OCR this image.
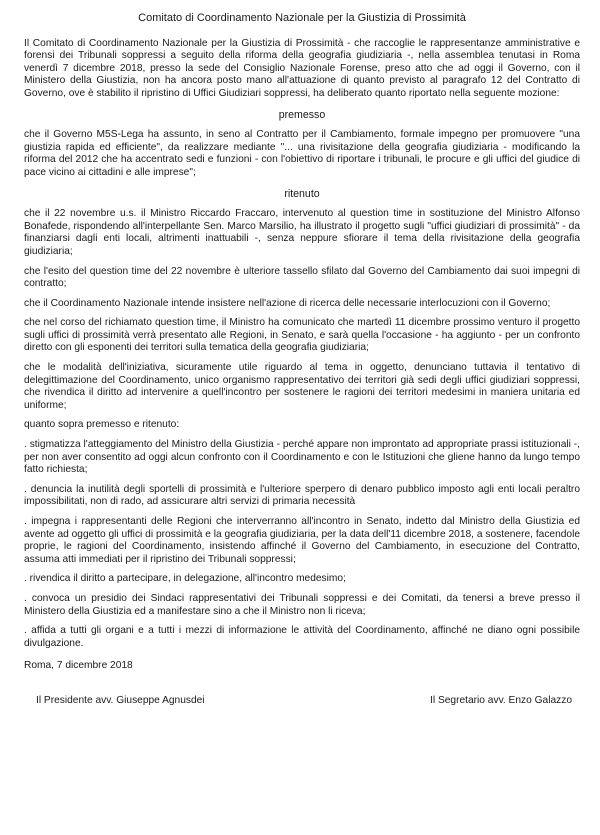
Comitato di Coordinamento Nazionale per la Giustizia di Prossimità

Il Comitato di Coordinamento Nazionale per la Giustizia di Prossimità - che raccoglie le rappresentanze amministrative e forensi dei Tribunali soppressi a seguito della riforma della geografia giudiziaria -, nella assemblea tenutasi in Roma venerdì 7 dicembre 2018, presso la sede del Consiglio Nazionale Forense, preso atto che ad oggi il Governo, con il Ministero della Giustizia, non ha ancora posto mano all'attuazione di quanto previsto al paragrafo 12 del Contratto di Governo, ove è stabilito il ripristino di Uffici Giudiziari soppressi, ha deliberato quanto riportato nella seguente mozione:

premesso

che il Governo M5S-Lega ha assunto, in seno al Contratto per il Cambiamento, formale impegno per promuovere "una giustizia rapida ed efficiente", da realizzare mediante "... una rivisitazione della geografia giudiziaria - modificando la riforma del 2012 che ha accentrato sedi e funzioni - con l'obiettivo di riportare i tribunali, le procure e gli uffici del giudice di pace vicino ai cittadini e alle imprese";

ritenuto

che il 22 novembre u.s. il Ministro Riccardo Fraccaro, intervenuto al question time in sostituzione del Ministro Alfonso Bonafede, rispondendo all'interpellante Sen. Marco Marsilio, ha illustrato il progetto sugli "uffici giudiziari di prossimità" - da finanziarsi dagli enti locali, altrimenti inattuabili -, senza neppure sfiorare il tema della rivisitazione della geografia giudiziaria;

che l'esito del question time del 22 novembre è ulteriore tassello sfilato dal Governo del Cambiamento dai suoi impegni di contratto;

che il Coordinamento Nazionale intende insistere nell'azione di ricerca delle necessarie interlocuzioni con il Governo;

che nel corso del richiamato question time, il Ministro ha comunicato che martedì 11 dicembre prossimo venturo il progetto sugli uffici di prossimità verrà presentato alle Regioni, in Senato, e sarà quella l'occasione - ha aggiunto - per un confronto diretto con gli esponenti dei territori sulla tematica della geografia giudiziaria;

che le modalità dell'iniziativa, sicuramente utile riguardo al tema in oggetto, denunciano tuttavia il tentativo di delegittimazione del Coordinamento, unico organismo rappresentativo dei territori già sedi degli uffici giudiziari soppressi, che rivendica il diritto ad intervenire a quell'incontro per sostenere le ragioni dei territori medesimi in maniera unitaria ed uniforme;

quanto sopra premesso e ritenuto:

. stigmatizza l'atteggiamento del Ministro della Giustizia - perché appare non improntato ad appropriate prassi istituzionali -, per non aver consentito ad oggi alcun confronto con il Coordinamento e con le Istituzioni che gliene hanno da lungo tempo fatto richiesta;

. denuncia la inutilità degli sportelli di prossimità e l'ulteriore sperpero di denaro pubblico imposto agli enti locali peraltro impossibilitati, non di rado, ad assicurare altri servizi di primaria necessità

. impegna i rappresentanti delle Regioni che interverranno all'incontro in Senato, indetto dal Ministro della Giustizia ed avente ad oggetto gli uffici di prossimità e la geografia giudiziaria, per la data dell'11 dicembre 2018, a sostenere, facendole proprie, le ragioni del Coordinamento, insistendo affinché il Governo del Cambiamento, in esecuzione del Contratto, assuma atti immediati per il ripristino dei Tribunali soppressi;

. rivendica il diritto a partecipare, in delegazione, all'incontro medesimo;

. convoca un presidio dei Sindaci rappresentativi dei Tribunali soppressi e dei Comitati, da tenersi a breve presso il Ministero della Giustizia ed a manifestare sino a che il Ministro non li riceva;

. affida a tutti gli organi e a tutti i mezzi di informazione le attività del Coordinamento, affinché ne diano ogni possibile divulgazione.

Roma, 7 dicembre 2018

Il Presidente avv. Giuseppe Agnusdei	Il Segretario avv. Enzo Galazzo
